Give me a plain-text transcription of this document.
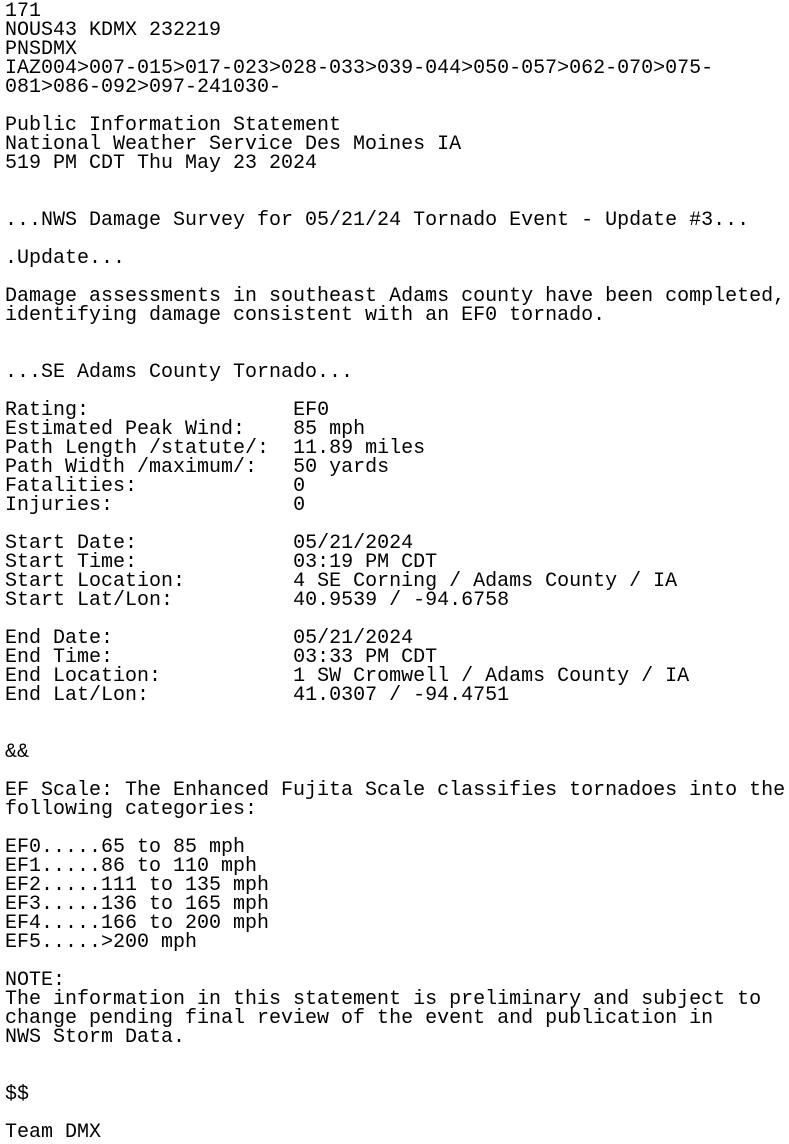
171
NOUS43 KDMX 232219
PNSDMX
IAZ004>007-015>017-023>028-033>039-044>050-057>062-070>075-
081>086-092>097-241030-

Public Information Statement
National Weather Service Des Moines IA
519 PM CDT Thu May 23 2024

...NWS Damage Survey for 05/21/24 Tornado Event - Update #3...

.Update...

Damage assessments in southeast Adams county have been completed,
identifying damage consistent with an EF0 tornado.

...SE Adams County Tornado...

Rating:	EF0
Estimated Peak Wind: 85 mph
Path Length /statute/: 11.89 miles
Path Width /maximum/: 50 yards
Fatalities:	0
Injuries:	0

Start Date:	05/21/2024
Start Time:	03:19 PM CDT
Start Location:	4 SE Corning / Adams County / IA
Start Lat/Lon:	40.9539 / -94.6758

End Date:	05/21/2024
End Time:	03:33 PM CDT
End Location:	1 SW Cromwell / Adams County / IA
End Lat/Lon:	41.0307 / -94.4751

&&

EF Scale: The Enhanced Fujita Scale classifies tornadoes into the
following categories:

EF0.....65 to 85 mph
EF1.....86 to 110 mph
EF2.....111 to 135 mph
EF3.....136 to 165 mph
EF4.....166 to 200 mph
EF5.....>200 mph

NOTE:
The information in this statement is preliminary and subject to
change pending final review of the event and publication in
NWS Storm Data.

$$

Team DMX
